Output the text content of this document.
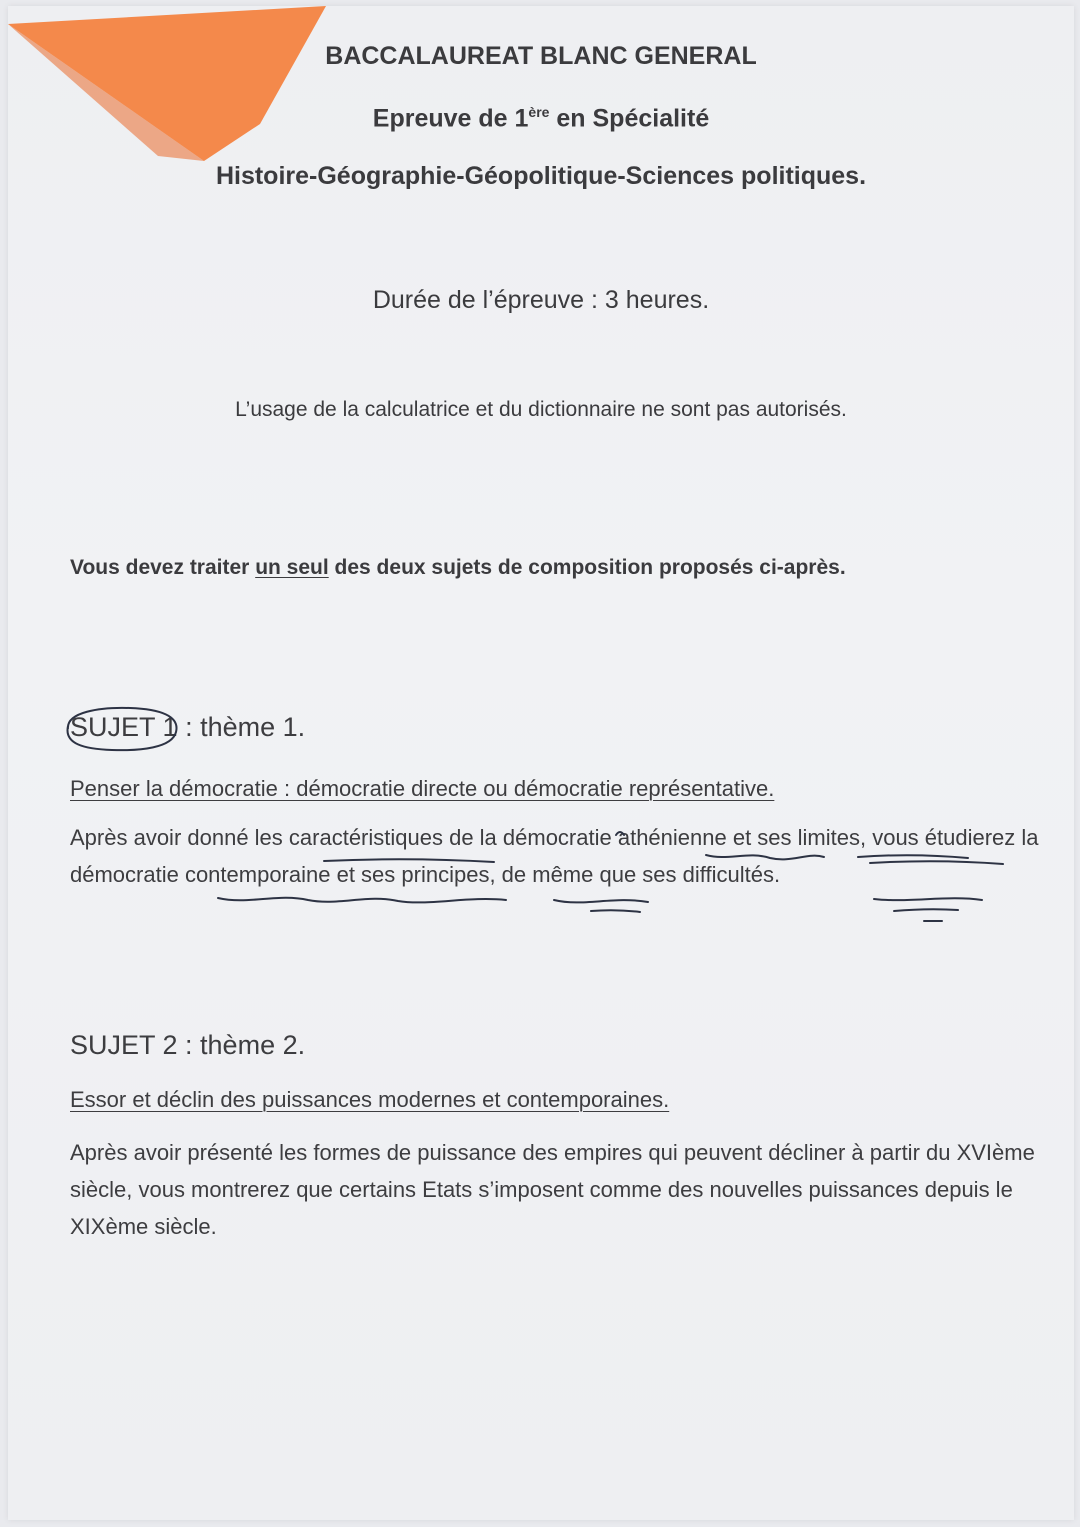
BACCALAUREAT BLANC GENERAL
Epreuve de 1ère en Spécialité
Histoire-Géographie-Géopolitique-Sciences politiques.
Durée de l’épreuve : 3 heures.
L’usage de la calculatrice et du dictionnaire ne sont pas autorisés.
Vous devez traiter un seul des deux sujets de composition proposés ci-après.
SUJET 1 : thème 1.
Penser la démocratie : démocratie directe ou démocratie représentative.
Après avoir donné les caractéristiques de la démocratie athénienne et ses limites, vous étudierez la démocratie contemporaine et ses principes, de même que ses difficultés.
SUJET 2 : thème 2.
Essor et déclin des puissances modernes et contemporaines.
Après avoir présenté les formes de puissance des empires qui peuvent décliner à partir du XVIème siècle, vous montrerez que certains Etats s’imposent comme des nouvelles puissances depuis le XIXème siècle.
